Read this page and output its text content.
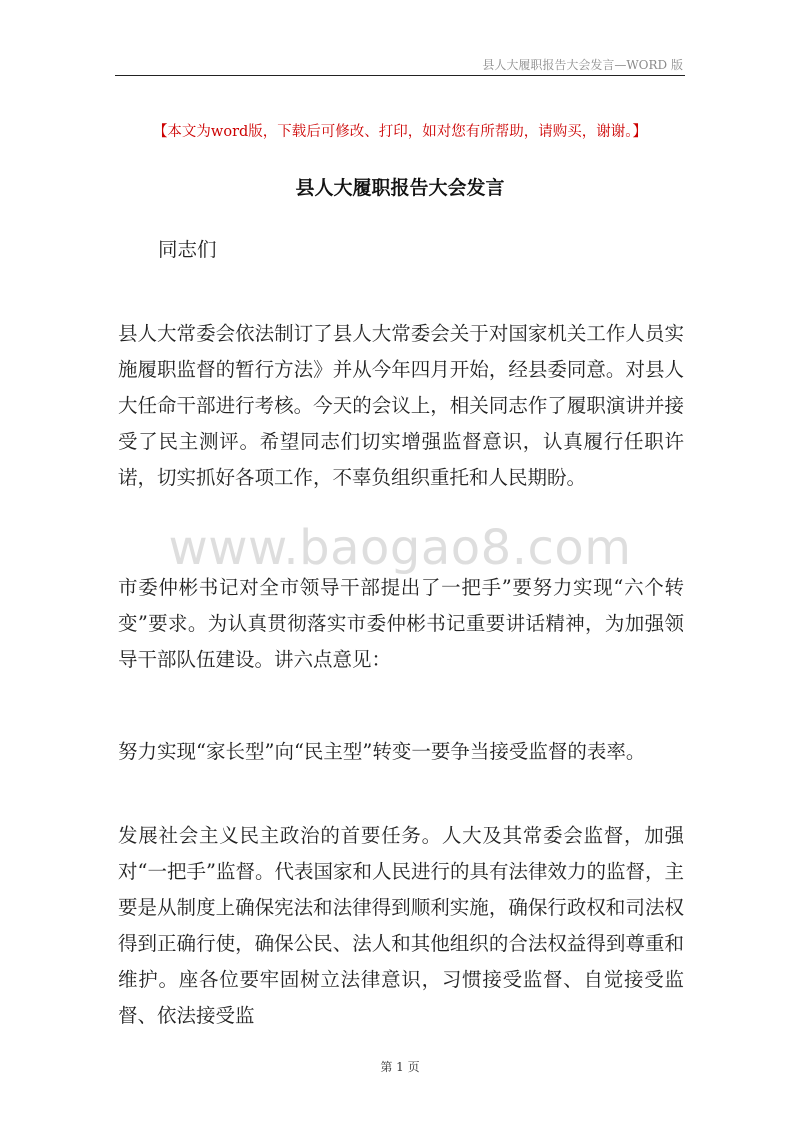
县人大履职报告大会发言—WORD 版
【本文为word版，下载后可修改、打印，如对您有所帮助，请购买，谢谢。】
县人大履职报告大会发言
同志们

县人大常委会依法制订了县人大常委会关于对国家机关工作人员实施履职监督的暂行方法》并从今年四月开始，经县委同意。对县人大任命干部进行考核。今天的会议上，相关同志作了履职演讲并接受了民主测评。希望同志们切实增强监督意识，认真履行任职许诺，切实抓好各项工作，不辜负组织重托和人民期盼。

www.baogao8.com

市委仲彬书记对全市领导干部提出了一把手”要努力实现“六个转变”要求。为认真贯彻落实市委仲彬书记重要讲话精神，为加强领导干部队伍建设。讲六点意见：

努力实现“家长型”向“民主型”转变一要争当接受监督的表率。

发展社会主义民主政治的首要任务。人大及其常委会监督，加强对“一把手”监督。代表国家和人民进行的具有法律效力的监督，主要是从制度上确保宪法和法律得到顺利实施，确保行政权和司法权得到正确行使，确保公民、法人和其他组织的合法权益得到尊重和维护。座各位要牢固树立法律意识，习惯接受监督、自觉接受监督、依法接受监

第 1 页
